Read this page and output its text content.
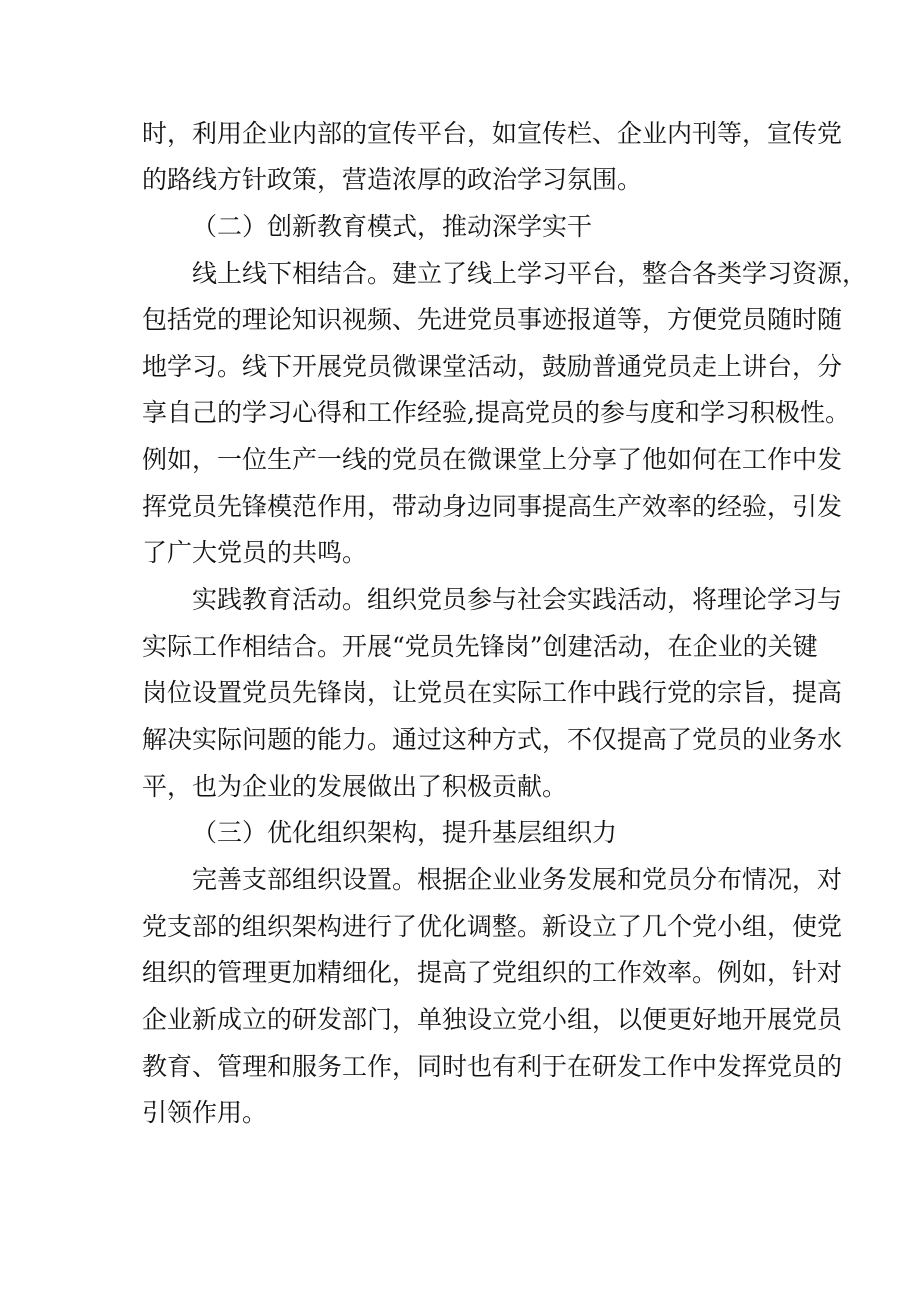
时，利用企业内部的宣传平台，如宣传栏、企业内刊等，宣传党
的路线方针政策，营造浓厚的政治学习氛围。
（二）创新教育模式，推动深学实干
线上线下相结合。建立了线上学习平台，整合各类学习资源，
包括党的理论知识视频、先进党员事迹报道等，方便党员随时随
地学习。线下开展党员微课堂活动，鼓励普通党员走上讲台，分
享自己的学习心得和工作经验,提高党员的参与度和学习积极性。
例如，一位生产一线的党员在微课堂上分享了他如何在工作中发
挥党员先锋模范作用，带动身边同事提高生产效率的经验，引发
了广大党员的共鸣。
实践教育活动。组织党员参与社会实践活动，将理论学习与
实际工作相结合。开展“党员先锋岗”创建活动，在企业的关键
岗位设置党员先锋岗，让党员在实际工作中践行党的宗旨，提高
解决实际问题的能力。通过这种方式，不仅提高了党员的业务水
平，也为企业的发展做出了积极贡献。
（三）优化组织架构，提升基层组织力
完善支部组织设置。根据企业业务发展和党员分布情况，对
党支部的组织架构进行了优化调整。新设立了几个党小组，使党
组织的管理更加精细化，提高了党组织的工作效率。例如，针对
企业新成立的研发部门，单独设立党小组，以便更好地开展党员
教育、管理和服务工作，同时也有利于在研发工作中发挥党员的
引领作用。
